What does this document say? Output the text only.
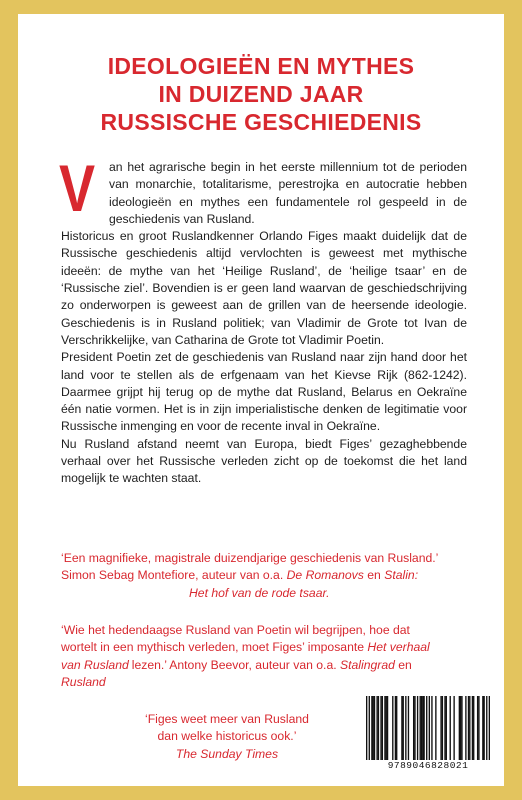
IDEOLOGIEËN EN MYTHES
IN DUIZEND JAAR
RUSSISCHE GESCHIEDENIS

V an het agrarische begin in het eerste millennium tot de perioden van monarchie, totalitarisme, perestrojka en autocratie hebben ideologieën en mythes een fundamentele rol gespeeld in de geschiedenis van Rusland.

Historicus en groot Ruslandkenner Orlando Figes maakt duidelijk dat de Russische geschiedenis altijd vervlochten is geweest met mythische ideeën: de mythe van het ‘Heilige Rusland’, de ‘heilige tsaar’ en de ‘Russische ziel’. Bovendien is er geen land waarvan de geschiedschrijving zo onderworpen is geweest aan de grillen van de heersende ideologie. Geschiedenis is in Rusland politiek; van Vladimir de Grote tot Ivan de Verschrikkelijke, van Catharina de Grote tot Vladimir Poetin.

President Poetin zet de geschiedenis van Rusland naar zijn hand door het land voor te stellen als de erfgenaam van het Kievse Rijk (862-1242). Daarmee grijpt hij terug op de mythe dat Rusland, Belarus en Oekraïne één natie vormen. Het is in zijn imperialistische denken de legitimatie voor Russische inmenging en voor de recente inval in Oekraïne.

Nu Rusland afstand neemt van Europa, biedt Figes’ gezaghebbende verhaal over het Russische verleden zicht op de toekomst die het land mogelijk te wachten staat.

‘Een magnifieke, magistrale duizendjarige geschiedenis van Rusland.’
Simon Sebag Montefiore, auteur van o.a. De Romanovs en Stalin:
Het hof van de rode tsaar.
‘Wie het hedendaagse Rusland van Poetin wil begrijpen, hoe dat
wortelt in een mythisch verleden, moet Figes’ imposante Het verhaal
van Rusland lezen.’ Antony Beevor, auteur van o.a. Stalingrad en
Rusland
‘Figes weet meer van Rusland
dan welke historicus ook.’
The Sunday Times
9789046828021
